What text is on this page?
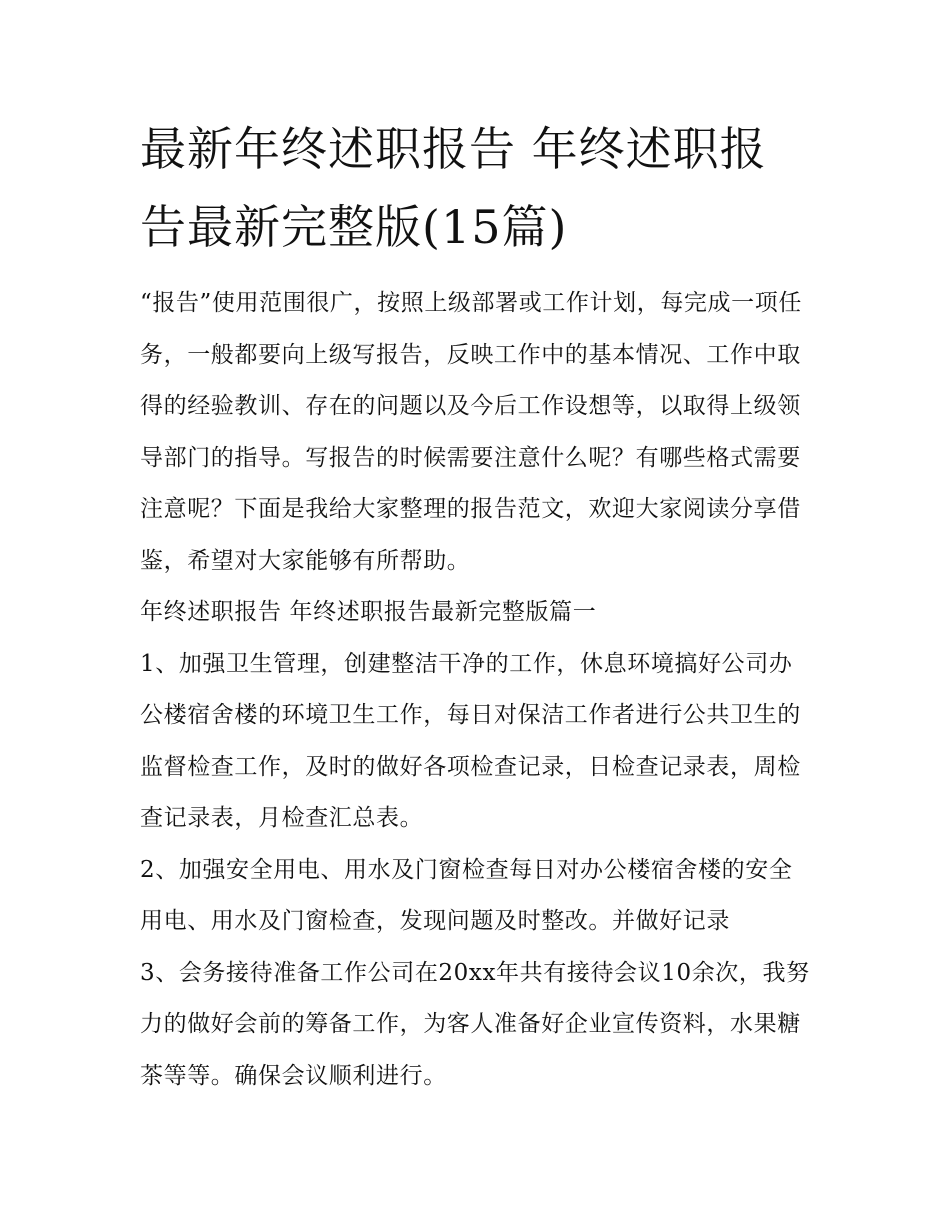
最新年终述职报告 年终述职报告最新完整版(15篇)

“报告”使用范围很广，按照上级部署或工作计划，每完成一项任务，一般都要向上级写报告，反映工作中的基本情况、工作中取得的经验教训、存在的问题以及今后工作设想等，以取得上级领导部门的指导。写报告的时候需要注意什么呢？有哪些格式需要注意呢？下面是我给大家整理的报告范文，欢迎大家阅读分享借鉴，希望对大家能够有所帮助。

年终述职报告 年终述职报告最新完整版篇一

1、加强卫生管理，创建整洁干净的工作，休息环境搞好公司办公楼宿舍楼的环境卫生工作，每日对保洁工作者进行公共卫生的监督检查工作，及时的做好各项检查记录，日检查记录表，周检查记录表，月检查汇总表。

2、加强安全用电、用水及门窗检查每日对办公楼宿舍楼的安全用电、用水及门窗检查，发现问题及时整改。并做好记录

3、会务接待准备工作公司在20xx年共有接待会议10余次，我努力的做好会前的筹备工作，为客人准备好企业宣传资料，水果糖茶等等。确保会议顺利进行。
